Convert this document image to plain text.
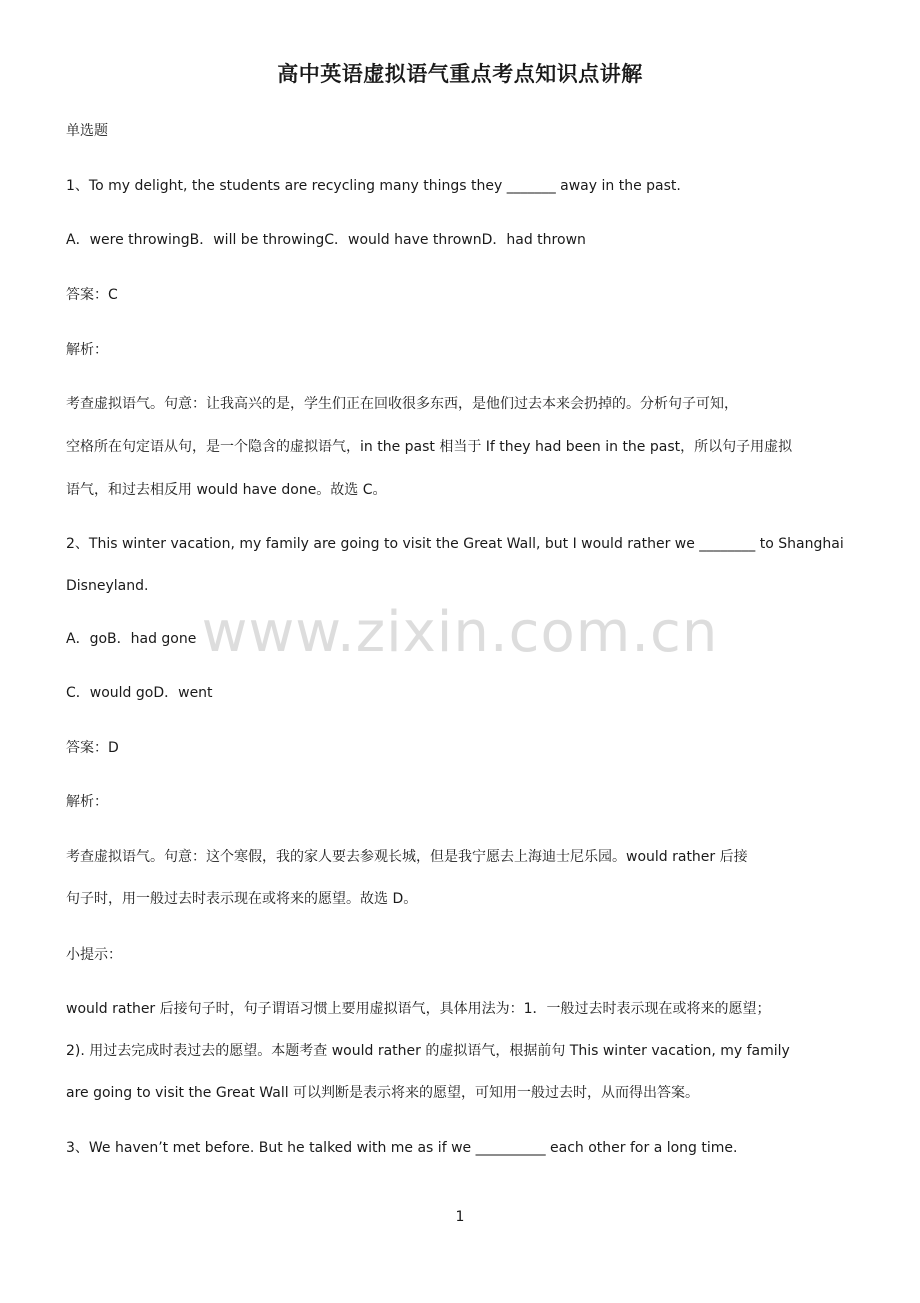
高中英语虚拟语气重点考点知识点讲解
单选题
1、To my delight, the students are recycling many things they _______ away in the past.
A．were throwingB．will be throwingC．would have thrownD．had thrown
答案：C
解析：
考查虚拟语气。句意：让我高兴的是，学生们正在回收很多东西，是他们过去本来会扔掉的。分析句子可知，
空格所在句定语从句，是一个隐含的虚拟语气，in the past 相当于 If they had been in the past，所以句子用虚拟
语气，和过去相反用 would have done。故选 C。
2、This winter vacation, my family are going to visit the Great Wall, but I would rather we ________ to Shanghai
Disneyland.
A．goB．had gone
C．would goD．went
答案：D
解析：
考查虚拟语气。句意：这个寒假，我的家人要去参观长城，但是我宁愿去上海迪士尼乐园。would rather 后接
句子时，用一般过去时表示现在或将来的愿望。故选 D。
小提示：
would rather 后接句子时，句子谓语习惯上要用虚拟语气，具体用法为：1．一般过去时表示现在或将来的愿望；
2). 用过去完成时表过去的愿望。本题考查 would rather 的虚拟语气，根据前句 This winter vacation, my family
are going to visit the Great Wall 可以判断是表示将来的愿望，可知用一般过去时，从而得出答案。
3、We haven’t met before. But he talked with me as if we __________ each other for a long time.
www.zixin.com.cn
1
